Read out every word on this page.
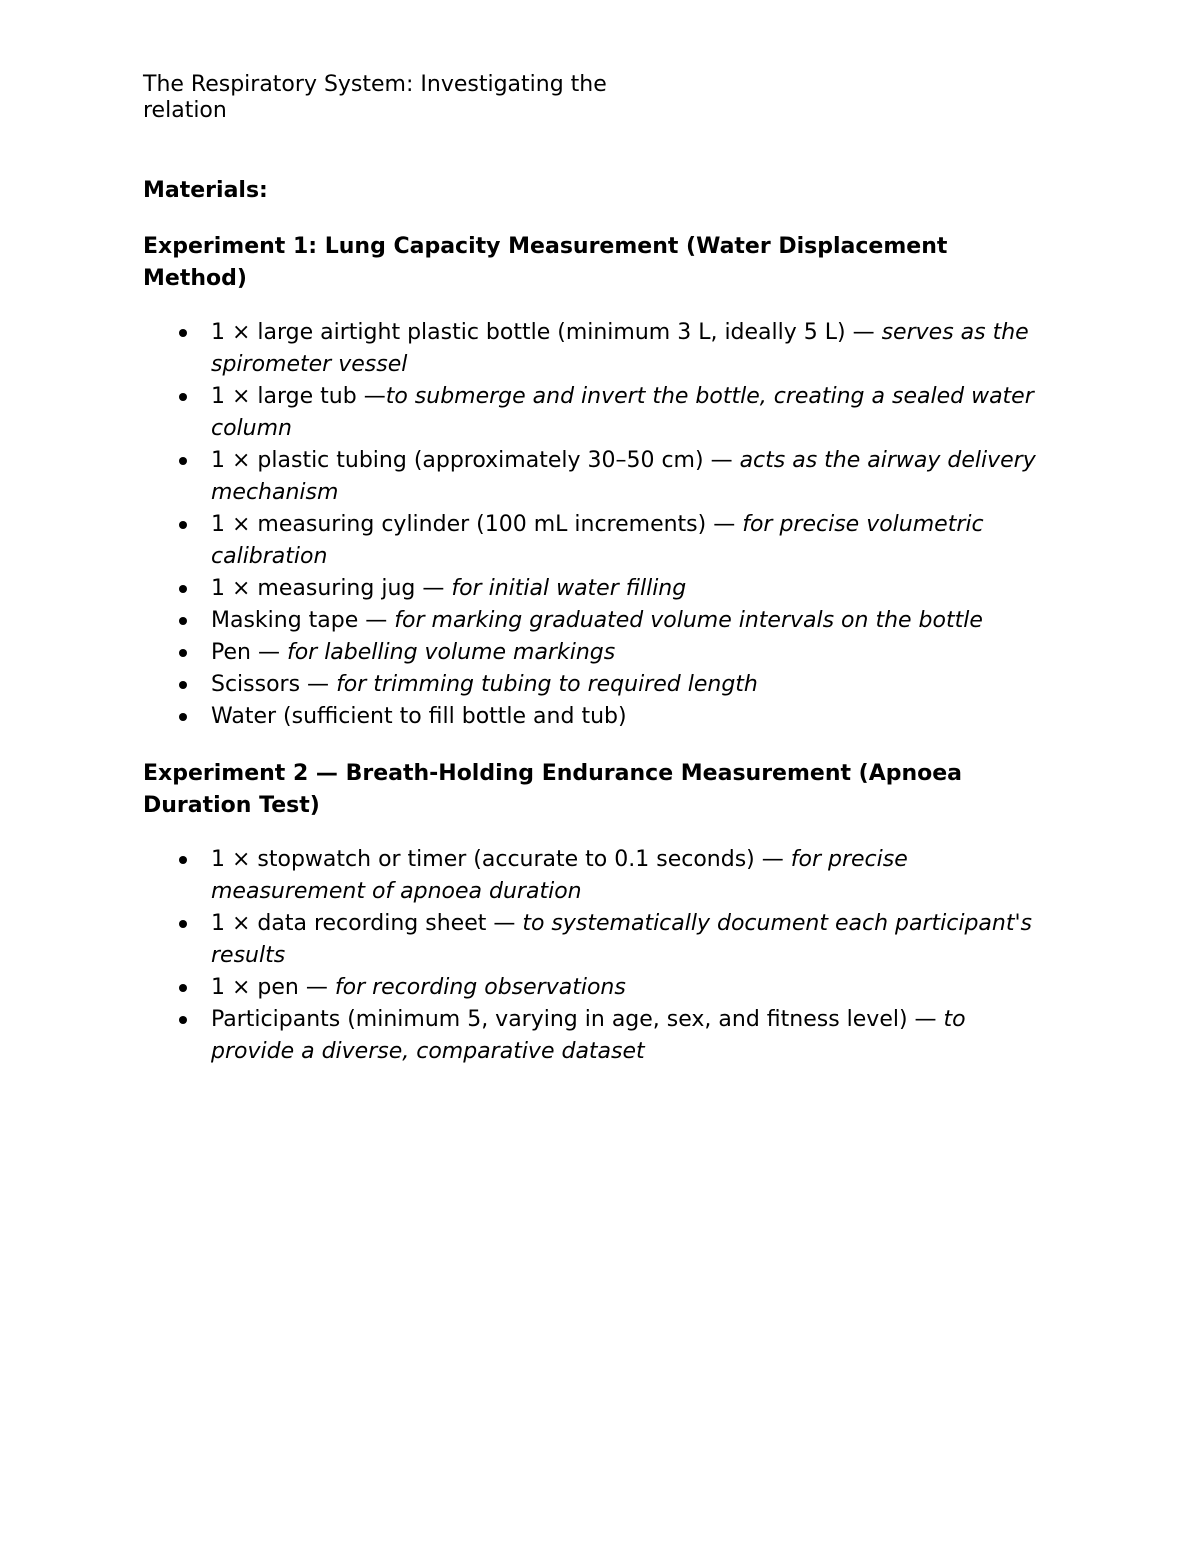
The Respiratory System: Investigating the relation

Materials:

Experiment 1: Lung Capacity Measurement (Water Displacement Method)

1 × large airtight plastic bottle (minimum 3 L, ideally 5 L) — serves as the spirometer vessel
1 × large tub —to submerge and invert the bottle, creating a sealed water column
1 × plastic tubing (approximately 30–50 cm) — acts as the airway delivery mechanism
1 × measuring cylinder (100 mL increments) — for precise volumetric calibration
1 × measuring jug — for initial water filling
Masking tape — for marking graduated volume intervals on the bottle
Pen — for labelling volume markings
Scissors — for trimming tubing to required length
Water (sufficient to fill bottle and tub)

Experiment 2 — Breath-Holding Endurance Measurement (Apnoea Duration Test)

1 × stopwatch or timer (accurate to 0.1 seconds) — for precise measurement of apnoea duration
1 × data recording sheet — to systematically document each participant's results
1 × pen — for recording observations
Participants (minimum 5, varying in age, sex, and fitness level) — to provide a diverse, comparative dataset
